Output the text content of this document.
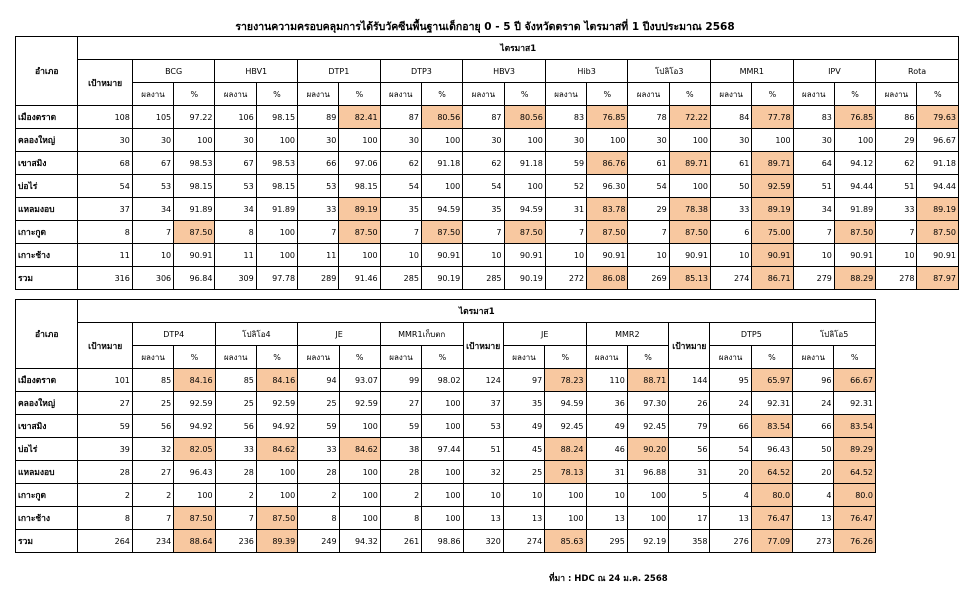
รายงานความครอบคลุมการได้รับวัคซีนพื้นฐานเด็กอายุ 0 - 5 ปี จังหวัดตราด ไตรมาสที่ 1 ปีงบประมาณ 2568
อำเภอ	ไตรมาส1																				
	เป้าหมาย	BCG		HBV1		DTP1		DTP3		HBV3		Hib3		โปลิโอ3		MMR1		IPV		Rota	
		ผลงาน	%	ผลงาน	%	ผลงาน	%	ผลงาน	%	ผลงาน	%	ผลงาน	%	ผลงาน	%	ผลงาน	%	ผลงาน	%	ผลงาน	%
เมืองตราด	108	105	97.22	106	98.15	89	82.41	87	80.56	87	80.56	83	76.85	78	72.22	84	77.78	83	76.85	86	79.63
คลองใหญ่	30	30	100	30	100	30	100	30	100	30	100	30	100	30	100	30	100	30	100	29	96.67
เขาสมิง	68	67	98.53	67	98.53	66	97.06	62	91.18	62	91.18	59	86.76	61	89.71	61	89.71	64	94.12	62	91.18
บ่อไร่	54	53	98.15	53	98.15	53	98.15	54	100	54	100	52	96.30	54	100	50	92.59	51	94.44	51	94.44
แหลมงอบ	37	34	91.89	34	91.89	33	89.19	35	94.59	35	94.59	31	83.78	29	78.38	33	89.19	34	91.89	33	89.19
เกาะกูด	8	7	87.50	8	100	7	87.50	7	87.50	7	87.50	7	87.50	7	87.50	6	75.00	7	87.50	7	87.50
เกาะช้าง	11	10	90.91	11	100	11	100	10	90.91	10	90.91	10	90.91	10	90.91	10	90.91	10	90.91	10	90.91
รวม	316	306	96.84	309	97.78	289	91.46	285	90.19	285	90.19	272	86.08	269	85.13	274	86.71	279	88.29	278	87.97
อำเภอ	ไตรมาส1																		
	เป้าหมาย	DTP4		โปลิโอ4		JE		MMR1เก็บตก		เป้าหมาย	JE		MMR2		เป้าหมาย	DTP5		โปลิโอ5	
		ผลงาน	%	ผลงาน	%	ผลงาน	%	ผลงาน	%		ผลงาน	%	ผลงาน	%		ผลงาน	%	ผลงาน	%
เมืองตราด	101	85	84.16	85	84.16	94	93.07	99	98.02	124	97	78.23	110	88.71	144	95	65.97	96	66.67
คลองใหญ่	27	25	92.59	25	92.59	25	92.59	27	100	37	35	94.59	36	97.30	26	24	92.31	24	92.31
เขาสมิง	59	56	94.92	56	94.92	59	100	59	100	53	49	92.45	49	92.45	79	66	83.54	66	83.54
บ่อไร่	39	32	82.05	33	84.62	33	84.62	38	97.44	51	45	88.24	46	90.20	56	54	96.43	50	89.29
แหลมงอบ	28	27	96.43	28	100	28	100	28	100	32	25	78.13	31	96.88	31	20	64.52	20	64.52
เกาะกูด	2	2	100	2	100	2	100	2	100	10	10	100	10	100	5	4	80.0	4	80.0
เกาะช้าง	8	7	87.50	7	87.50	8	100	8	100	13	13	100	13	100	17	13	76.47	13	76.47
รวม	264	234	88.64	236	89.39	249	94.32	261	98.86	320	274	85.63	295	92.19	358	276	77.09	273	76.26
ที่มา : HDC ณ 24 ม.ค. 2568
